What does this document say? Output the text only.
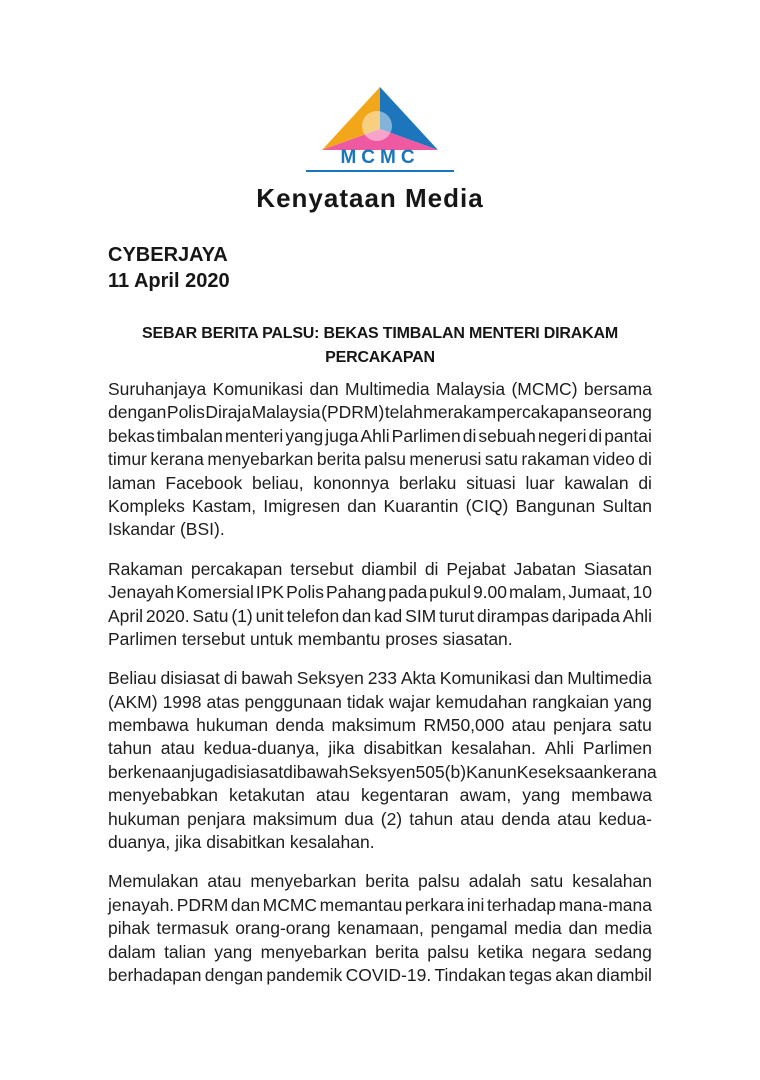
MCMC
Kenyataan Media
CYBERJAYA
11 April 2020
SEBAR BERITA PALSU: BEKAS TIMBALAN MENTERI DIRAKAM
PERCAKAPAN

Suruhanjaya Komunikasi dan Multimedia Malaysia (MCMC) bersama
dengan Polis Diraja Malaysia (PDRM) telah merakam percakapan seorang
bekas timbalan menteri yang juga Ahli Parlimen di sebuah negeri di pantai
timur kerana menyebarkan berita palsu menerusi satu rakaman video di
laman Facebook beliau, kononnya berlaku situasi luar kawalan di
Kompleks Kastam, Imigresen dan Kuarantin (CIQ) Bangunan Sultan
Iskandar (BSI).

Rakaman percakapan tersebut diambil di Pejabat Jabatan Siasatan
Jenayah Komersial IPK Polis Pahang pada pukul 9.00 malam, Jumaat, 10
April 2020. Satu (1) unit telefon dan kad SIM turut dirampas daripada Ahli
Parlimen tersebut untuk membantu proses siasatan.

Beliau disiasat di bawah Seksyen 233 Akta Komunikasi dan Multimedia
(AKM) 1998 atas penggunaan tidak wajar kemudahan rangkaian yang
membawa hukuman denda maksimum RM50,000 atau penjara satu
tahun atau kedua-duanya, jika disabitkan kesalahan. Ahli Parlimen
berkenaan juga disiasat di bawah Seksyen 505(b) Kanun Keseksaan kerana
menyebabkan ketakutan atau kegentaran awam, yang membawa
hukuman penjara maksimum dua (2) tahun atau denda atau kedua-
duanya, jika disabitkan kesalahan.

Memulakan atau menyebarkan berita palsu adalah satu kesalahan
jenayah. PDRM dan MCMC memantau perkara ini terhadap mana-mana
pihak termasuk orang-orang kenamaan, pengamal media dan media
dalam talian yang menyebarkan berita palsu ketika negara sedang
berhadapan dengan pandemik COVID-19. Tindakan tegas akan diambil
